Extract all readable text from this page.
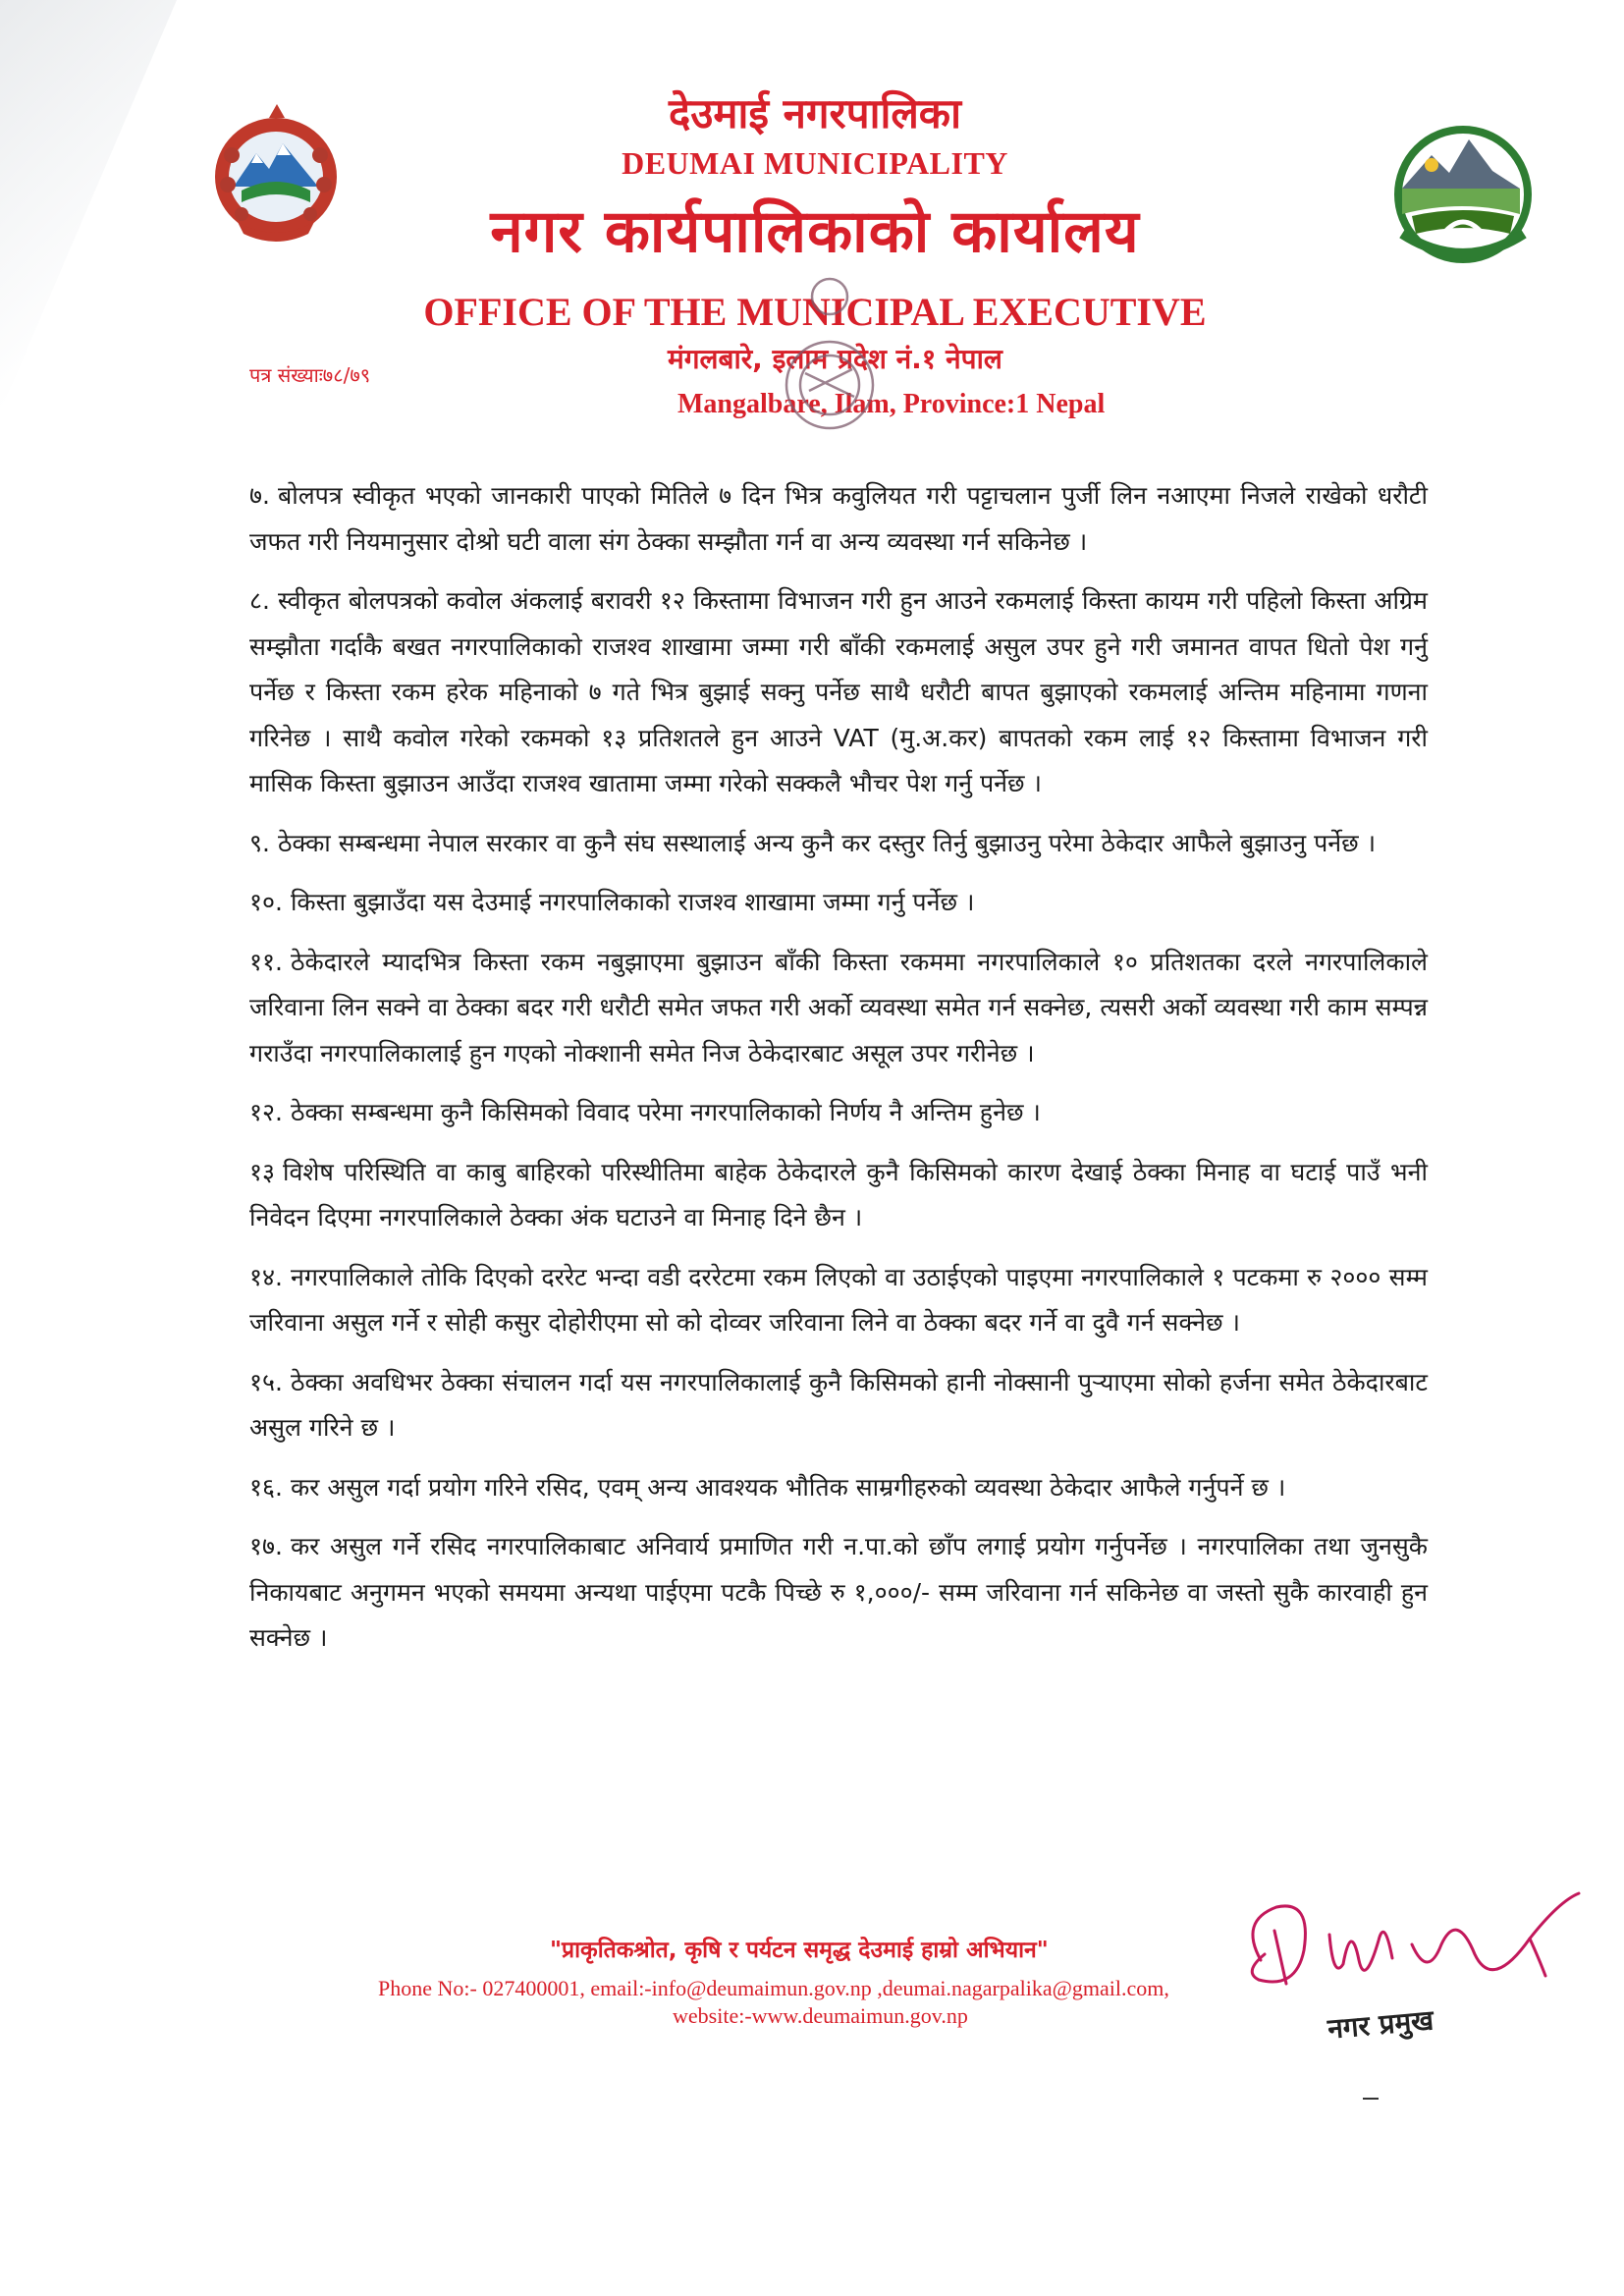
देउमाई नगरपालिका
DEUMAI MUNICIPALITY
नगर कार्यपालिकाको कार्यालय
OFFICE OF THE MUNICIPAL EXECUTIVE
मंगलबारे, इलाम प्रदेश नं.१ नेपाल
Mangalbare, Ilam, Province:1 Nepal
पत्र संख्याः७८/७९

७. बोलपत्र स्वीकृत भएको जानकारी पाएको मितिले ७ दिन भित्र कवुलियत गरी पट्टाचलान पुर्जी लिन नआएमा निजले राखेको धरौटी जफत गरी नियमानुसार दोश्रो घटी वाला संग ठेक्का सम्झौता गर्न वा अन्य व्यवस्था गर्न सकिनेछ ।

८. स्वीकृत बोलपत्रको कवोल अंकलाई बरावरी १२ किस्तामा विभाजन गरी हुन आउने रकमलाई किस्ता कायम गरी पहिलो किस्ता अग्रिम सम्झौता गर्दाकै बखत नगरपालिकाको राजश्व शाखामा जम्मा गरी बाँकी रकमलाई असुल उपर हुने गरी जमानत वापत धितो पेश गर्नु पर्नेछ र किस्ता रकम हरेक महिनाको ७ गते भित्र बुझाई सक्नु पर्नेछ साथै धरौटी बापत बुझाएको रकमलाई अन्तिम महिनामा गणना गरिनेछ । साथै कवोल गरेको रकमको १३ प्रतिशतले हुन आउने VAT (मु.अ.कर) बापतको रकम लाई १२ किस्तामा विभाजन गरी मासिक किस्ता बुझाउन आउँदा राजश्व खातामा जम्मा गरेको सक्कलै भौचर पेश गर्नु पर्नेछ ।

९. ठेक्का सम्बन्धमा नेपाल सरकार वा कुनै संघ सस्थालाई अन्य कुनै कर दस्तुर तिर्नु बुझाउनु परेमा ठेकेदार आफैले बुझाउनु पर्नेछ ।

१०. किस्ता बुझाउँदा यस देउमाई नगरपालिकाको राजश्व शाखामा जम्मा गर्नु पर्नेछ ।

११. ठेकेदारले म्यादभित्र किस्ता रकम नबुझाएमा बुझाउन बाँकी किस्ता रकममा नगरपालिकाले १० प्रतिशतका दरले नगरपालिकाले जरिवाना लिन सक्ने वा ठेक्का बदर गरी धरौटी समेत जफत गरी अर्को व्यवस्था समेत गर्न सक्नेछ, त्यसरी अर्को व्यवस्था गरी काम सम्पन्न गराउँदा नगरपालिकालाई हुन गएको नोक्शानी समेत निज ठेकेदारबाट असूल उपर गरीनेछ ।

१२. ठेक्का सम्बन्धमा कुनै किसिमको विवाद परेमा नगरपालिकाको निर्णय नै अन्तिम हुनेछ ।

१३ विशेष परिस्थिति वा काबु बाहिरको परिस्थीतिमा बाहेक ठेकेदारले कुनै किसिमको कारण देखाई ठेक्का मिनाह वा घटाई पाउँ भनी निवेदन दिएमा नगरपालिकाले ठेक्का अंक घटाउने वा मिनाह दिने छैन ।

१४. नगरपालिकाले तोकि दिएको दररेट भन्दा वडी दररेटमा रकम लिएको वा उठाईएको पाइएमा नगरपालिकाले १ पटकमा रु २००० सम्म जरिवाना असुल गर्ने र सोही कसुर दोहोरीएमा सो को दोव्वर जरिवाना लिने वा ठेक्का बदर गर्ने वा दुवै गर्न सक्नेछ ।

१५. ठेक्का अवधिभर ठेक्का संचालन गर्दा यस नगरपालिकालाई कुनै किसिमको हानी नोक्सानी पुऱ्याएमा सोको हर्जना समेत ठेकेदारबाट असुल गरिने छ ।

१६. कर असुल गर्दा प्रयोग गरिने रसिद, एवम् अन्य आवश्यक भौतिक साम्रगीहरुको व्यवस्था ठेकेदार आफैले गर्नुपर्ने छ ।

१७. कर असुल गर्ने रसिद नगरपालिकाबाट अनिवार्य प्रमाणित गरी न.पा.को छाँप लगाई प्रयोग गर्नुपर्नेछ । नगरपालिका तथा जुनसुकै निकायबाट अनुगमन भएको समयमा अन्यथा पाईएमा पटकै पिच्छे रु १,०००/- सम्म जरिवाना गर्न सकिनेछ वा जस्तो सुकै कारवाही हुन सक्नेछ ।

"प्राकृतिकश्रोत, कृषि र पर्यटन समृद्ध देउमाई हाम्रो अभियान"
Phone No:- 027400001, email:-info@deumaimun.gov.np ,deumai.nagarpalika@gmail.com,
website:-www.deumaimun.gov.np	नगर प्रमुख
